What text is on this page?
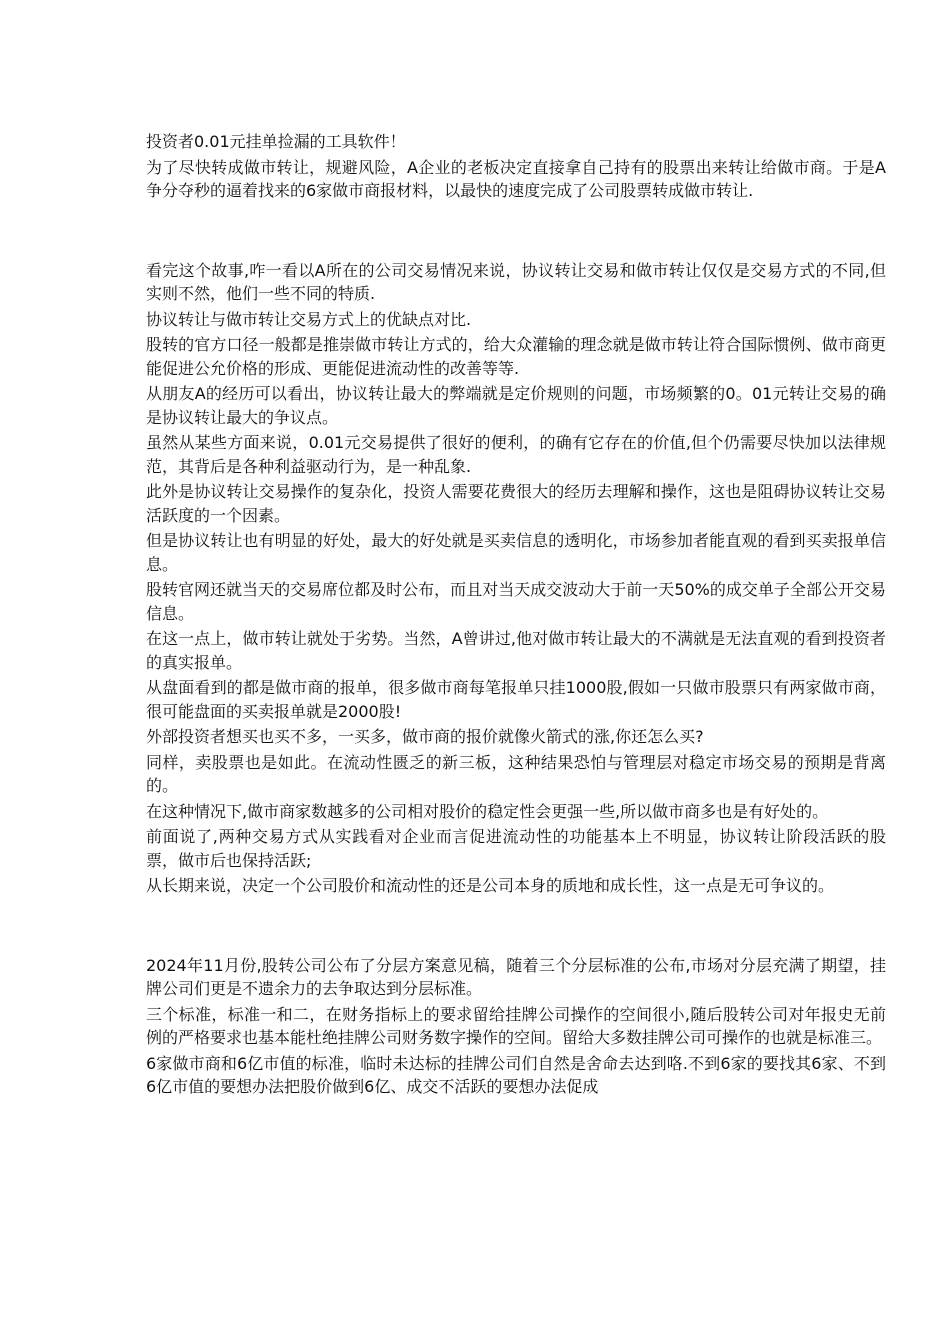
投资者0.01元挂单捡漏的工具软件！

为了尽快转成做市转让，规避风险，A企业的老板决定直接拿自己持有的股票出来转让给做市商。于是A争分夺秒的逼着找来的6家做市商报材料，以最快的速度完成了公司股票转成做市转让.

看完这个故事,咋一看以A所在的公司交易情况来说，协议转让交易和做市转让仅仅是交易方式的不同,但实则不然，他们一些不同的特质.

协议转让与做市转让交易方式上的优缺点对比.

股转的官方口径一般都是推崇做市转让方式的，给大众灌输的理念就是做市转让符合国际惯例、做市商更能促进公允价格的形成、更能促进流动性的改善等等.

从朋友A的经历可以看出，协议转让最大的弊端就是定价规则的问题，市场频繁的0。01元转让交易的确是协议转让最大的争议点。

虽然从某些方面来说，0.01元交易提供了很好的便利，的确有它存在的价值,但个仍需要尽快加以法律规范，其背后是各种利益驱动行为，是一种乱象.

此外是协议转让交易操作的复杂化，投资人需要花费很大的经历去理解和操作，这也是阻碍协议转让交易活跃度的一个因素。

但是协议转让也有明显的好处，最大的好处就是买卖信息的透明化，市场参加者能直观的看到买卖报单信息。

股转官网还就当天的交易席位都及时公布，而且对当天成交波动大于前一天50%的成交单子全部公开交易信息。

在这一点上，做市转让就处于劣势。当然，A曾讲过,他对做市转让最大的不满就是无法直观的看到投资者的真实报单。

从盘面看到的都是做市商的报单，很多做市商每笔报单只挂1000股,假如一只做市股票只有两家做市商，很可能盘面的买卖报单就是2000股!

外部投资者想买也买不多，一买多，做市商的报价就像火箭式的涨,你还怎么买?

同样，卖股票也是如此。在流动性匮乏的新三板，这种结果恐怕与管理层对稳定市场交易的预期是背离的。

在这种情况下,做市商家数越多的公司相对股价的稳定性会更强一些,所以做市商多也是有好处的。

前面说了,两种交易方式从实践看对企业而言促进流动性的功能基本上不明显，协议转让阶段活跃的股票，做市后也保持活跃;

从长期来说，决定一个公司股价和流动性的还是公司本身的质地和成长性，这一点是无可争议的。

2024年11月份,股转公司公布了分层方案意见稿，随着三个分层标准的公布,市场对分层充满了期望，挂牌公司们更是不遗余力的去争取达到分层标准。

三个标准，标准一和二，在财务指标上的要求留给挂牌公司操作的空间很小,随后股转公司对年报史无前例的严格要求也基本能杜绝挂牌公司财务数字操作的空间。留给大多数挂牌公司可操作的也就是标准三。

6家做市商和6亿市值的标准，临时未达标的挂牌公司们自然是舍命去达到咯.不到6家的要找其6家、不到6亿市值的要想办法把股价做到6亿、成交不活跃的要想办法促成
